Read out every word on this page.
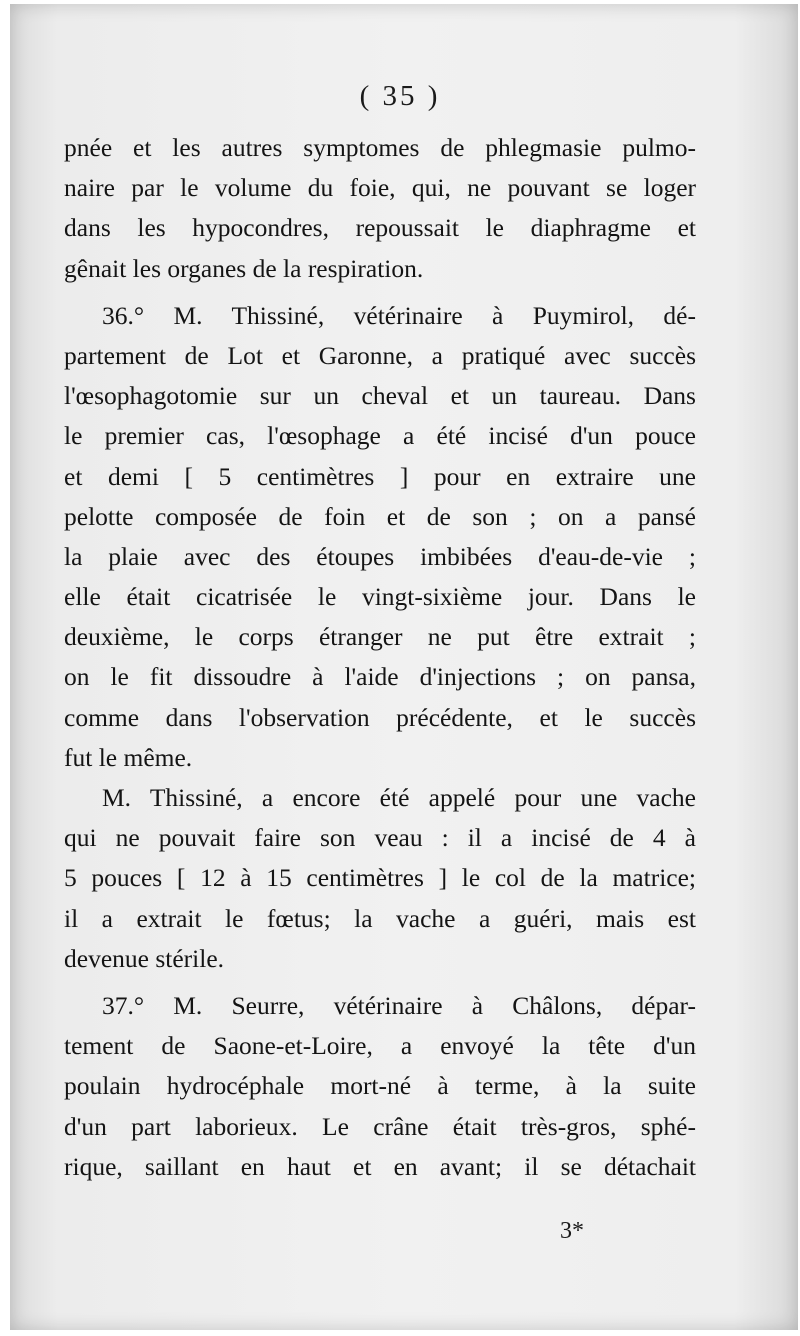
( 35 )
pnée et les autres symptomes de phlegmasie pulmo-
naire par le volume du foie, qui, ne pouvant se loger
dans les hypocondres, repoussait le diaphragme et
gênait les organes de la respiration.
36.° M. Thissiné, vétérinaire à Puymirol, dé-
partement de Lot et Garonne, a pratiqué avec succès
l'œsophagotomie sur un cheval et un taureau. Dans
le premier cas, l'œsophage a été incisé d'un pouce
et demi [ 5 centimètres ] pour en extraire une
pelotte composée de foin et de son ; on a pansé
la plaie avec des étoupes imbibées d'eau-de-vie ;
elle était cicatrisée le vingt-sixième jour. Dans le
deuxième, le corps étranger ne put être extrait ;
on le fit dissoudre à l'aide d'injections ; on pansa,
comme dans l'observation précédente, et le succès
fut le même.
M. Thissiné, a encore été appelé pour une vache
qui ne pouvait faire son veau : il a incisé de 4 à
5 pouces [ 12 à 15 centimètres ] le col de la matrice;
il a extrait le fœtus; la vache a guéri, mais est
devenue stérile.
37.° M. Seurre, vétérinaire à Châlons, dépar-
tement de Saone-et-Loire, a envoyé la tête d'un
poulain hydrocéphale mort-né à terme, à la suite
d'un part laborieux. Le crâne était très-gros, sphé-
rique, saillant en haut et en avant; il se détachait
3*
